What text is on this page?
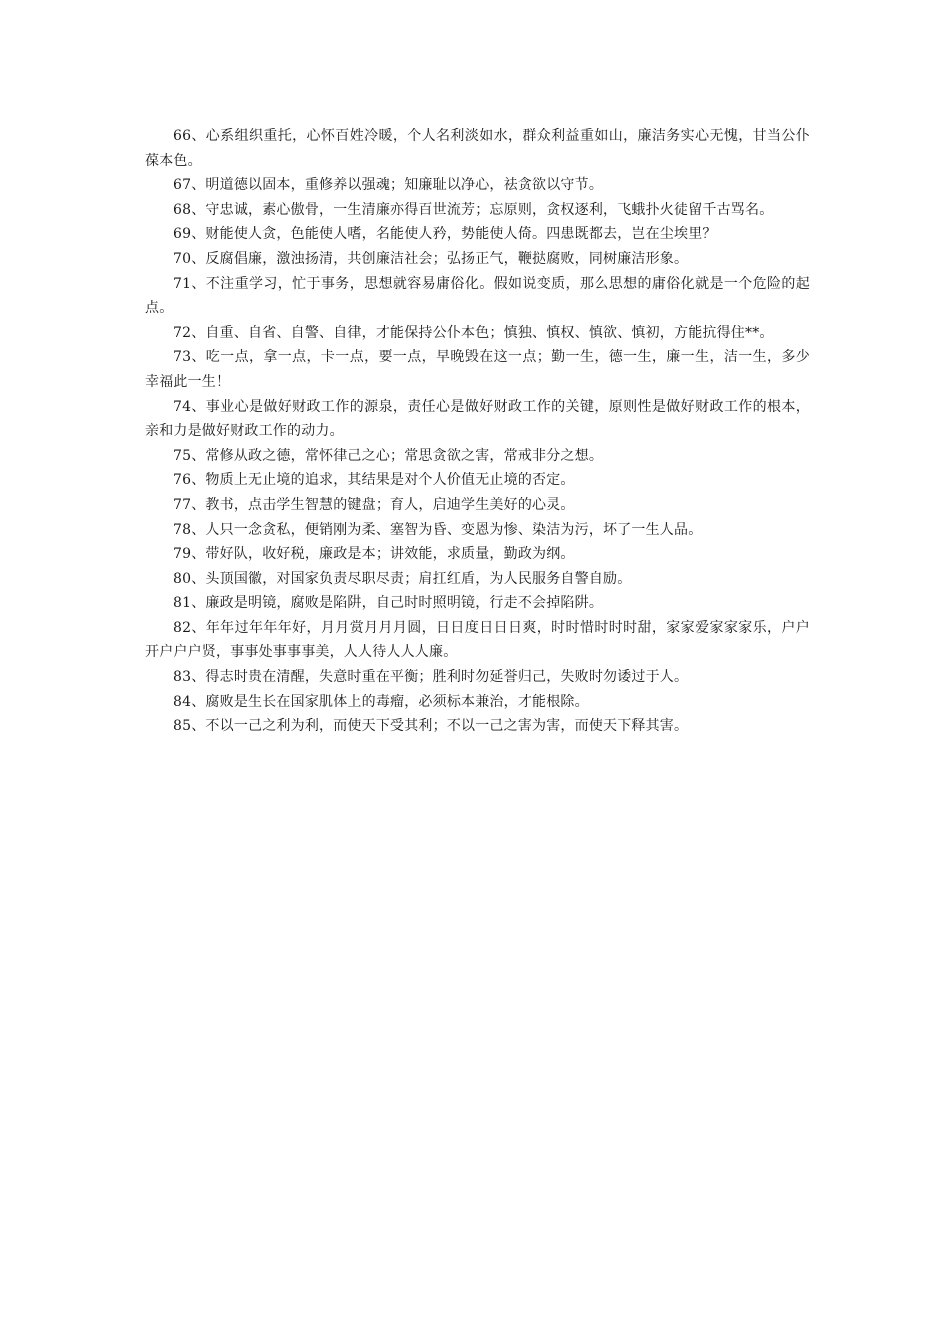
66、心系组织重托，心怀百姓冷暖，个人名利淡如水，群众利益重如山，廉洁务实心无愧，甘当公仆葆本色。

67、明道德以固本，重修养以强魂；知廉耻以净心，祛贪欲以守节。

68、守忠诚，素心傲骨，一生清廉亦得百世流芳；忘原则，贪权逐利，飞蛾扑火徒留千古骂名。

69、财能使人贪，色能使人嗜，名能使人矜，势能使人倚。四患既都去，岂在尘埃里？

70、反腐倡廉，激浊扬清，共创廉洁社会；弘扬正气，鞭挞腐败，同树廉洁形象。

71、不注重学习，忙于事务，思想就容易庸俗化。假如说变质，那么思想的庸俗化就是一个危险的起点。

72、自重、自省、自警、自律，才能保持公仆本色；慎独、慎权、慎欲、慎初，方能抗得住**。

73、吃一点，拿一点，卡一点，要一点，早晚毁在这一点；勤一生，德一生，廉一生，洁一生，多少幸福此一生！

74、事业心是做好财政工作的源泉，责任心是做好财政工作的关键，原则性是做好财政工作的根本，亲和力是做好财政工作的动力。

75、常修从政之德，常怀律己之心；常思贪欲之害，常戒非分之想。

76、物质上无止境的追求，其结果是对个人价值无止境的否定。

77、教书，点击学生智慧的键盘；育人，启迪学生美好的心灵。

78、人只一念贪私，便销刚为柔、塞智为昏、变恩为惨、染洁为污，坏了一生人品。

79、带好队，收好税，廉政是本；讲效能，求质量，勤政为纲。

80、头顶国徽，对国家负责尽职尽责；肩扛红盾，为人民服务自警自励。

81、廉政是明镜，腐败是陷阱，自己时时照明镜，行走不会掉陷阱。

82、年年过年年年好，月月赏月月月圆，日日度日日日爽，时时惜时时时甜，家家爱家家家乐，户户开户户户贤，事事处事事事美，人人待人人人廉。

83、得志时贵在清醒，失意时重在平衡；胜利时勿延誉归己，失败时勿诿过于人。

84、腐败是生长在国家肌体上的毒瘤，必须标本兼治，才能根除。

85、不以一己之利为利，而使天下受其利；不以一己之害为害，而使天下释其害。
